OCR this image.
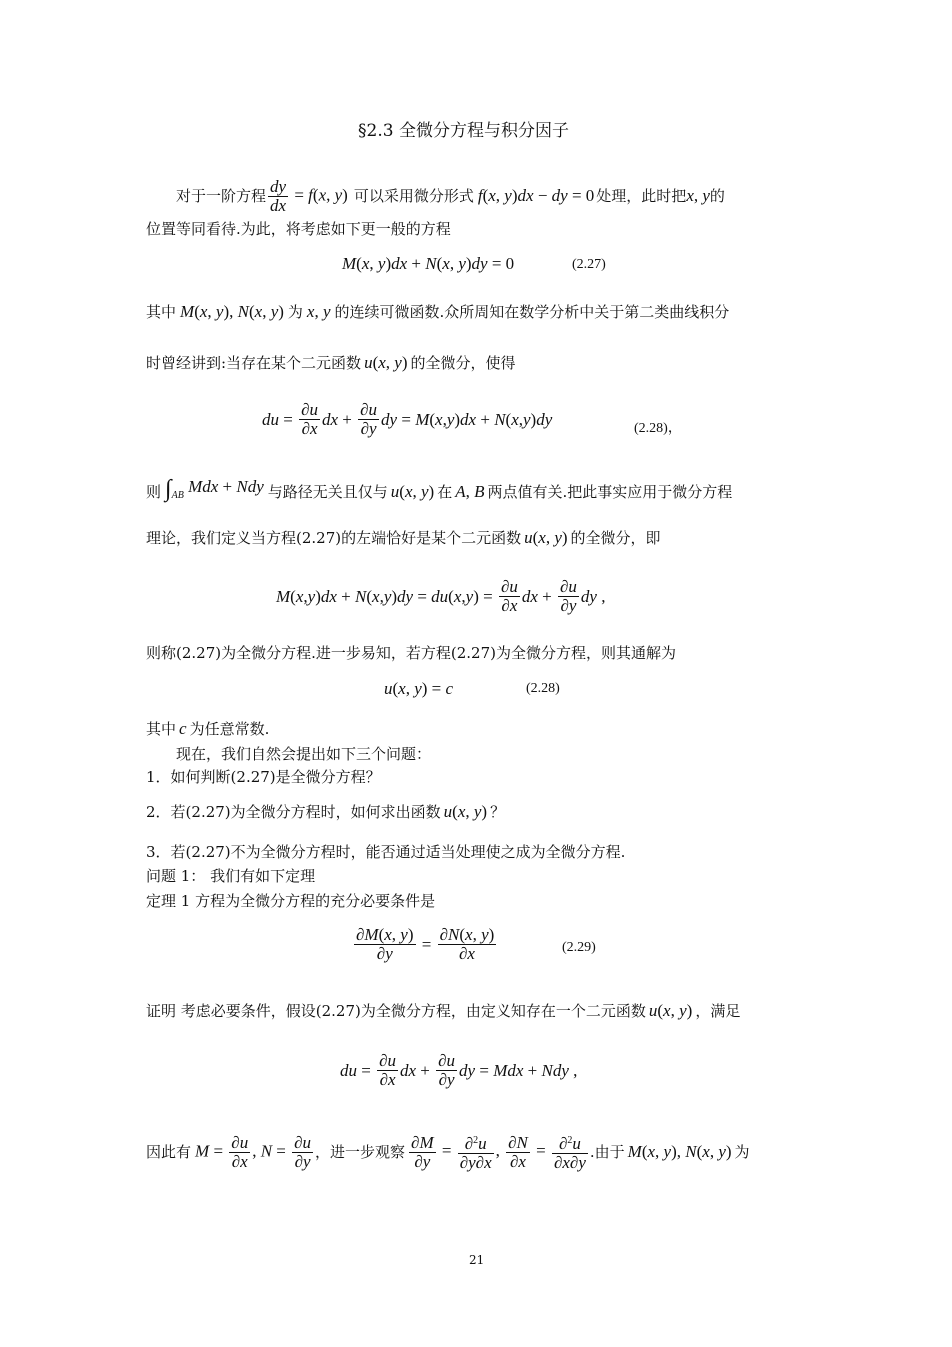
§2.3 全微分方程与积分因子
对于一阶方程 $\frac{dy}{dx} = f(x$, y) 可以采用微分形式 f(x, y)dx − dy = 0 处理，此时把 x, y 的
位置等同看待.为此，将考虑如下更一般的方程
M(x, y)dx + N(x, y)dy = 0	(2.27)
其中 M(x, y), N(x, y) 为 x, y 的连续可微函数.众所周知在数学分析中关于第二类曲线积分
时曾经讲到:当存在某个二元函数 u(x, y) 的全微分，使得
du = $\frac{\partial u}{\partial x}$ dx + $\frac{\partial u}{\partial y}$ dy = M ( x , y ) dx + N ( x , y ) dy	(2.28)，
则 $\int_{AB}$ Mdx + Ndy 与路径无关且仅与 u(x, y) 在 A, B 两点值有关.把此事实应用于微分方程
理论，我们定义当方程(2.27)的左端恰好是某个二元函数 u(x, y) 的全微分，即
M ( x , y ) dx + N ( x , y ) dy = du ( x , y ) = $\frac{\partial u}{\partial x}$ dx + $\frac{\partial u}{\partial y}$ dy ,
则称(2.27)为全微分方程.进一步易知，若方程(2.27)为全微分方程，则其通解为
u(x, y) = c	(2.28)
其中 c 为任意常数.
现在，我们自然会提出如下三个问题：
1．如何判断(2.27)是全微分方程？
2．若(2.27)为全微分方程时，如何求出函数 u(x, y) ？
3．若(2.27)不为全微分方程时，能否通过适当处理使之成为全微分方程.
问题 1： 我们有如下定理
定理 1 方程为全微分方程的充分必要条件是
$\frac{\partial M(x, y)}{\partial y} = \frac{\partial N(x, y)}{\partial x}$	(2.29)
证明 考虑必要条件，假设(2.27)为全微分方程，由定义知存在一个二元函数 u(x, y) ，满足
du = $\frac{\partial u}{\partial x}$ dx + $\frac{\partial u}{\partial y}$ dy = Mdx + Ndy ,
因此有 $M = \frac{\partial u}{\partial x}$ , $N = \frac{\partial u}{\partial y}$ ，进一步观察 $\frac{\partial M}{\partial y} = \frac{\partial^2u}{\partial y\partial x}$ , $\frac{\partial N}{\partial x} = \frac{\partial^2u}{\partial x\partial y}$ .由于 M(x, y), N(x, y) 为
21
